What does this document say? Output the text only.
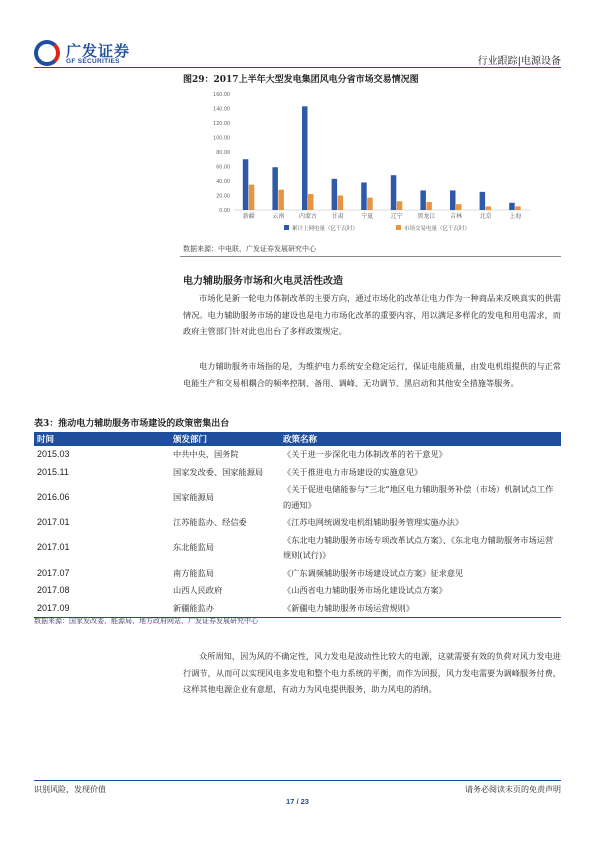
广发证券
GF SECURITIES	行业跟踪|电源设备
图29：2017上半年大型发电集团风电分省市场交易情况图
0.00
20.00
40.00
60.00
80.00
100.00
120.00
140.00
160.00
新疆	云南 内蒙古 甘肃	宁夏	辽宁 黑龙江 吉林	北京	上海
累计上网电量（亿千瓦时）	市场交易电量（亿千瓦时）
数据来源：中电联，广发证券发展研究中心
电力辅助服务市场和火电灵活性改造
市场化是新一轮电力体制改革的主要方向，通过市场化的改革让电力作为一种商品来反映真实的供需情况。电力辅助服务市场的建设也是电力市场化改革的重要内容，用以满足多样化的发电和用电需求，而政府主管部门针对此也出台了多样政策规定。
电力辅助服务市场指的是，为维护电力系统安全稳定运行，保证电能质量，由发电机组提供的与正常电能生产和交易相耦合的频率控制、备用、调峰、无功调节、黑启动和其他安全措施等服务。
表3：推动电力辅助服务市场建设的政策密集出台
时间	颁发部门	政策名称
2015.03	中共中央，国务院	《关于进一步深化电力体制改革的若干意见》
2015.11	国家发改委、国家能源局	《关于推进电力市场建设的实施意见》
2016.06	国家能源局	《关于促进电储能参与“三北”地区电力辅助服务补偿（市场）机制试点工作的通知》
2017.01	江苏能监办、经信委	《江苏电网统调发电机组辅助服务管理实施办法》
2017.01	东北能监局	《东北电力辅助服务市场专项改革试点方案》、《东北电力辅助服务市场运营规则(试行)》
2017.07	南方能监局	《广东调频辅助服务市场建设试点方案》征求意见
2017.08	山西人民政府	《山西省电力辅助服务市场化建设试点方案》
2017.09	新疆能监办	《新疆电力辅助服务市场运营规则》
数据来源：国家发改委、能源局、地方政府网站、广发证券发展研究中心
众所周知，因为风的不确定性，风力发电是波动性比较大的电源，这就需要有效的负荷对风力发电进行调节，从而可以实现风电多发电和整个电力系统的平衡，而作为回报，风力发电需要为调峰服务付费，这样其他电源企业有意愿，有动力为风电提供服务，助力风电的消纳。
识别风险，发现价值	请务必阅读末页的免责声明
17 / 23
